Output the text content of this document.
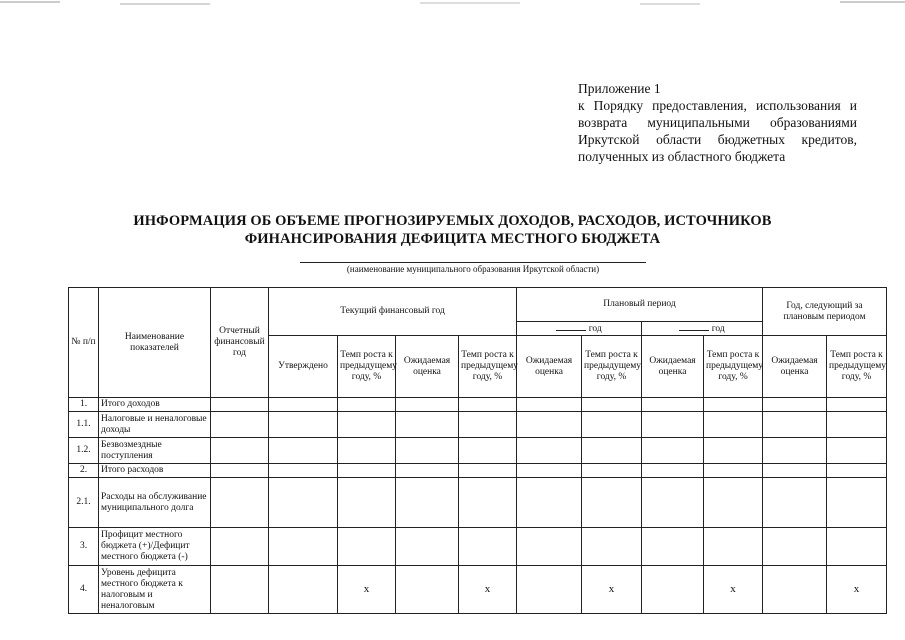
Приложение 1
к Порядку предоставления, использования и возврата муниципальными образованиями Иркутской области бюджетных кредитов, полученных из областного бюджета
ИНФОРМАЦИЯ ОБ ОБЪЕМЕ ПРОГНОЗИРУЕМЫХ ДОХОДОВ, РАСХОДОВ, ИСТОЧНИКОВ
ФИНАНСИРОВАНИЯ ДЕФИЦИТА МЕСТНОГО БЮДЖЕТА
(наименование муниципального образования Иркутской области)
№ п/п	Наименование показателей	Отчетный финансовый год	Текущий финансовый год				Плановый период				Год, следующий за плановым периодом	
							год		год			
			Утверждено	Темп роста к предыдущему году, %	Ожидаемая оценка	Темп роста к предыдущему году, %	Ожидаемая оценка	Темп роста к предыдущему году, %	Ожидаемая оценка	Темп роста к предыдущему году, %	Ожидаемая оценка	Темп роста к предыдущему году, %
1.	Итого доходов											
1.1.	Налоговые и неналоговые доходы											
1.2.	Безвозмездные поступления											
2.	Итого расходов											
2.1.	Расходы на обслуживание муниципального долга											
3.	Профицит местного бюджета (+)/Дефицит местного бюджета (-)											
4.	Уровень дефицита местного бюджета к налоговым и неналоговым			х		х		х		х		х
